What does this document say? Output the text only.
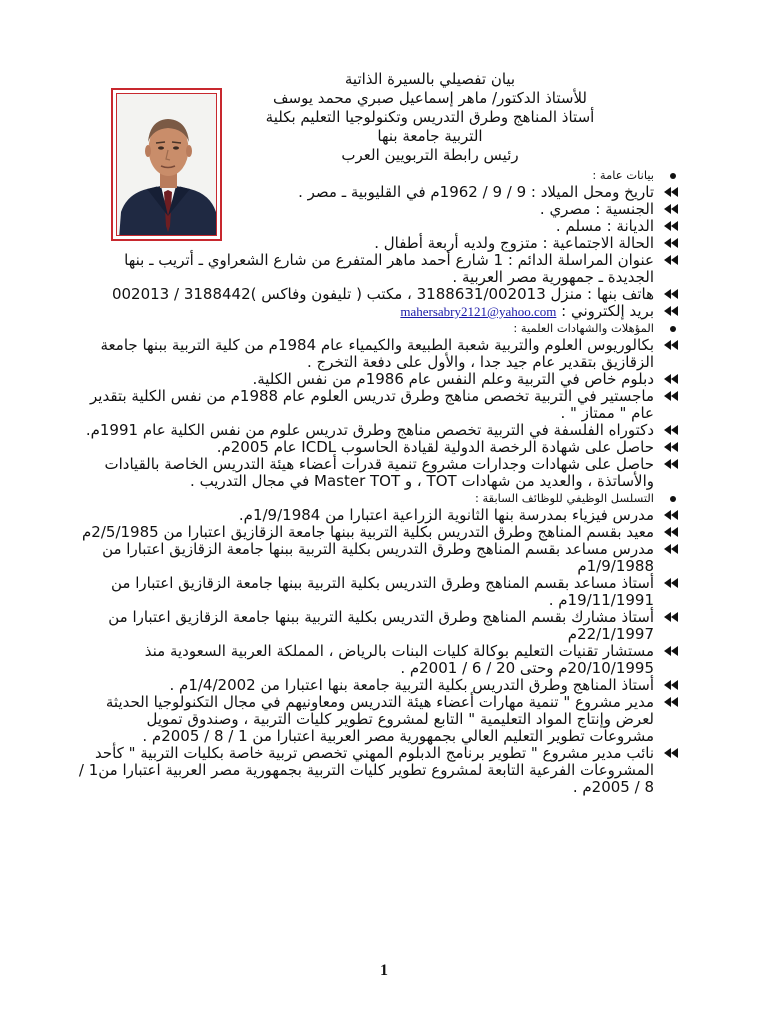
بيان تفصيلي بالسيرة الذاتية
للأستاذ الدكتور/ ماهر إسماعيل صبري محمد يوسف
أستاذ المناهج وطرق التدريس وتكنولوجيا التعليم بكلية
التربية جامعة بنها
رئيس رابطة التربويين العرب
بيانات عامة :
تاريخ ومحل الميلاد : 9 / 9 / 1962م في القليوبية ـ مصر .
الجنسية : مصري .
الديانة : مسلم .
الحالة الاجتماعية : متزوج ولديه أربعة أطفال .
عنوان المراسلة الدائم : 1 شارع أحمد ماهر المتفرع من شارع الشعراوي ـ أتريب ـ بنها الجديدة ـ جمهورية مصر العربية .
هاتف بنها : منزل 3188631/002013 ، مكتب ( تليفون وفاكس )3188442 / 002013
بريد إلكتروني : mahersabry2121@yahoo.com
المؤهلات والشهادات العلمية :
بكالوريوس العلوم والتربية شعبة الطبيعة والكيمياء عام 1984م من كلية التربية ببنها جامعة الزقازيق بتقدير عام جيد جدا ، والأول على دفعة التخرج .
دبلوم خاص في التربية وعلم النفس عام 1986م من نفس الكلية.
ماجستير في التربية تخصص مناهج وطرق تدريس العلوم عام 1988م من نفس الكلية بتقدير عام " ممتاز " .
دكتوراه الفلسفة في التربية تخصص مناهج وطرق تدريس علوم من نفس الكلية عام 1991م.
حاصل على شهادة الرخصة الدولية لقيادة الحاسوب ICDL عام 2005م.
حاصل على شهادات وجدارات مشروع تنمية قدرات أعضاء هيئة التدريس الخاصة بالقيادات والأساتذة ، والعديد من شهادات TOT ، و Master TOT في مجال التدريب .
التسلسل الوظيفي للوظائف السابقة :
مدرس فيزياء بمدرسة بنها الثانوية الزراعية اعتبارا من 1/9/1984م.
معيد بقسم المناهج وطرق التدريس بكلية التربية ببنها جامعة الزقازيق اعتبارا من 2/5/1985م
مدرس مساعد بقسم المناهج وطرق التدريس بكلية التربية ببنها جامعة الزقازيق اعتبارا من 1/9/1988م
أستاذ مساعد بقسم المناهج وطرق التدريس بكلية التربية ببنها جامعة الزقازيق اعتبارا من 19/11/1991م .
أستاذ مشارك بقسم المناهج وطرق التدريس بكلية التربية ببنها جامعة الزقازيق اعتبارا من 22/1/1997م
مستشار تقنيات التعليم بوكالة كليات البنات بالرياض ، المملكة العربية السعودية منذ 20/10/1995م وحتى 20 / 6 / 2001م .
أستاذ المناهج وطرق التدريس بكلية التربية جامعة بنها اعتبارا من 1/4/2002م .
مدير مشروع " تنمية مهارات أعضاء هيئة التدريس ومعاونيهم في مجال التكنولوجيا الحديثة لعرض وإنتاج المواد التعليمية " التابع لمشروع تطوير كليات التربية ، وصندوق تمويل مشروعات تطوير التعليم العالي بجمهورية مصر العربية اعتبارا من 1 / 8 / 2005م .
نائب مدير مشروع " تطوير برنامج الدبلوم المهني تخصص تربية خاصة بكليات التربية " كأحد المشروعات الفرعية التابعة لمشروع تطوير كليات التربية بجمهورية مصر العربية اعتبارا من1 / 8 / 2005م .
1
